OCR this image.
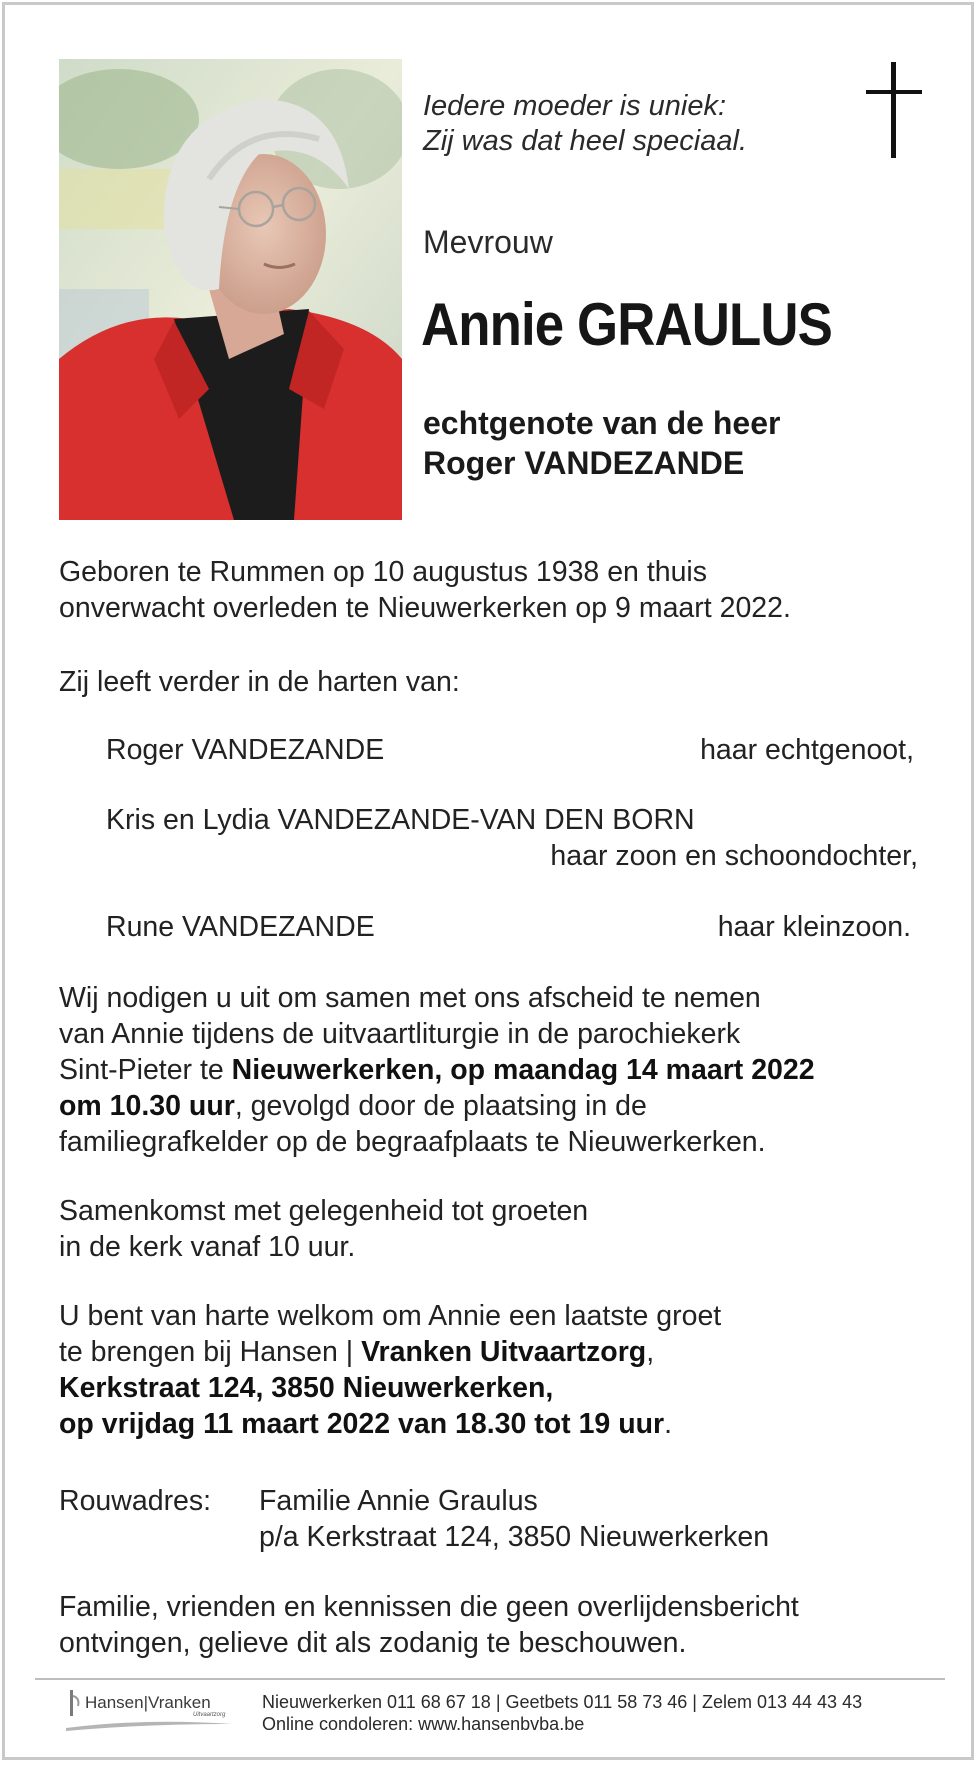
Iedere moeder is uniek:
Zij was dat heel speciaal.
Mevrouw
Annie GRAULUS
echtgenote van de heer
Roger VANDEZANDE
Geboren te Rummen op 10 augustus 1938 en thuis
onverwacht overleden te Nieuwerkerken op 9 maart 2022.
Zij leeft verder in de harten van:
Roger VANDEZANDE	haar echtgenoot,
Kris en Lydia VANDEZANDE-VAN DEN BORN
haar zoon en schoondochter,
Rune VANDEZANDE	haar kleinzoon.
Wij nodigen u uit om samen met ons afscheid te nemen
van Annie tijdens de uitvaartliturgie in de parochiekerk
Sint-Pieter te Nieuwerkerken, op maandag 14 maart 2022
om 10.30 uur, gevolgd door de plaatsing in de
familiegrafkelder op de begraafplaats te Nieuwerkerken.
Samenkomst met gelegenheid tot groeten
in de kerk vanaf 10 uur.
U bent van harte welkom om Annie een laatste groet
te brengen bij Hansen | Vranken Uitvaartzorg,
Kerkstraat 124, 3850 Nieuwerkerken,
op vrijdag 11 maart 2022 van 18.30 tot 19 uur.
Rouwadres: Familie Annie Graulus
p/a Kerkstraat 124, 3850 Nieuwerkerken
Familie, vrienden en kennissen die geen overlijdensbericht
ontvingen, gelieve dit als zodanig te beschouwen.
Hansen|Vranken
Uitvaartzorg
Nieuwerkerken 011 68 67 18 | Geetbets 011 58 73 46 | Zelem 013 44 43 43
Online condoleren: www.hansenbvba.be
